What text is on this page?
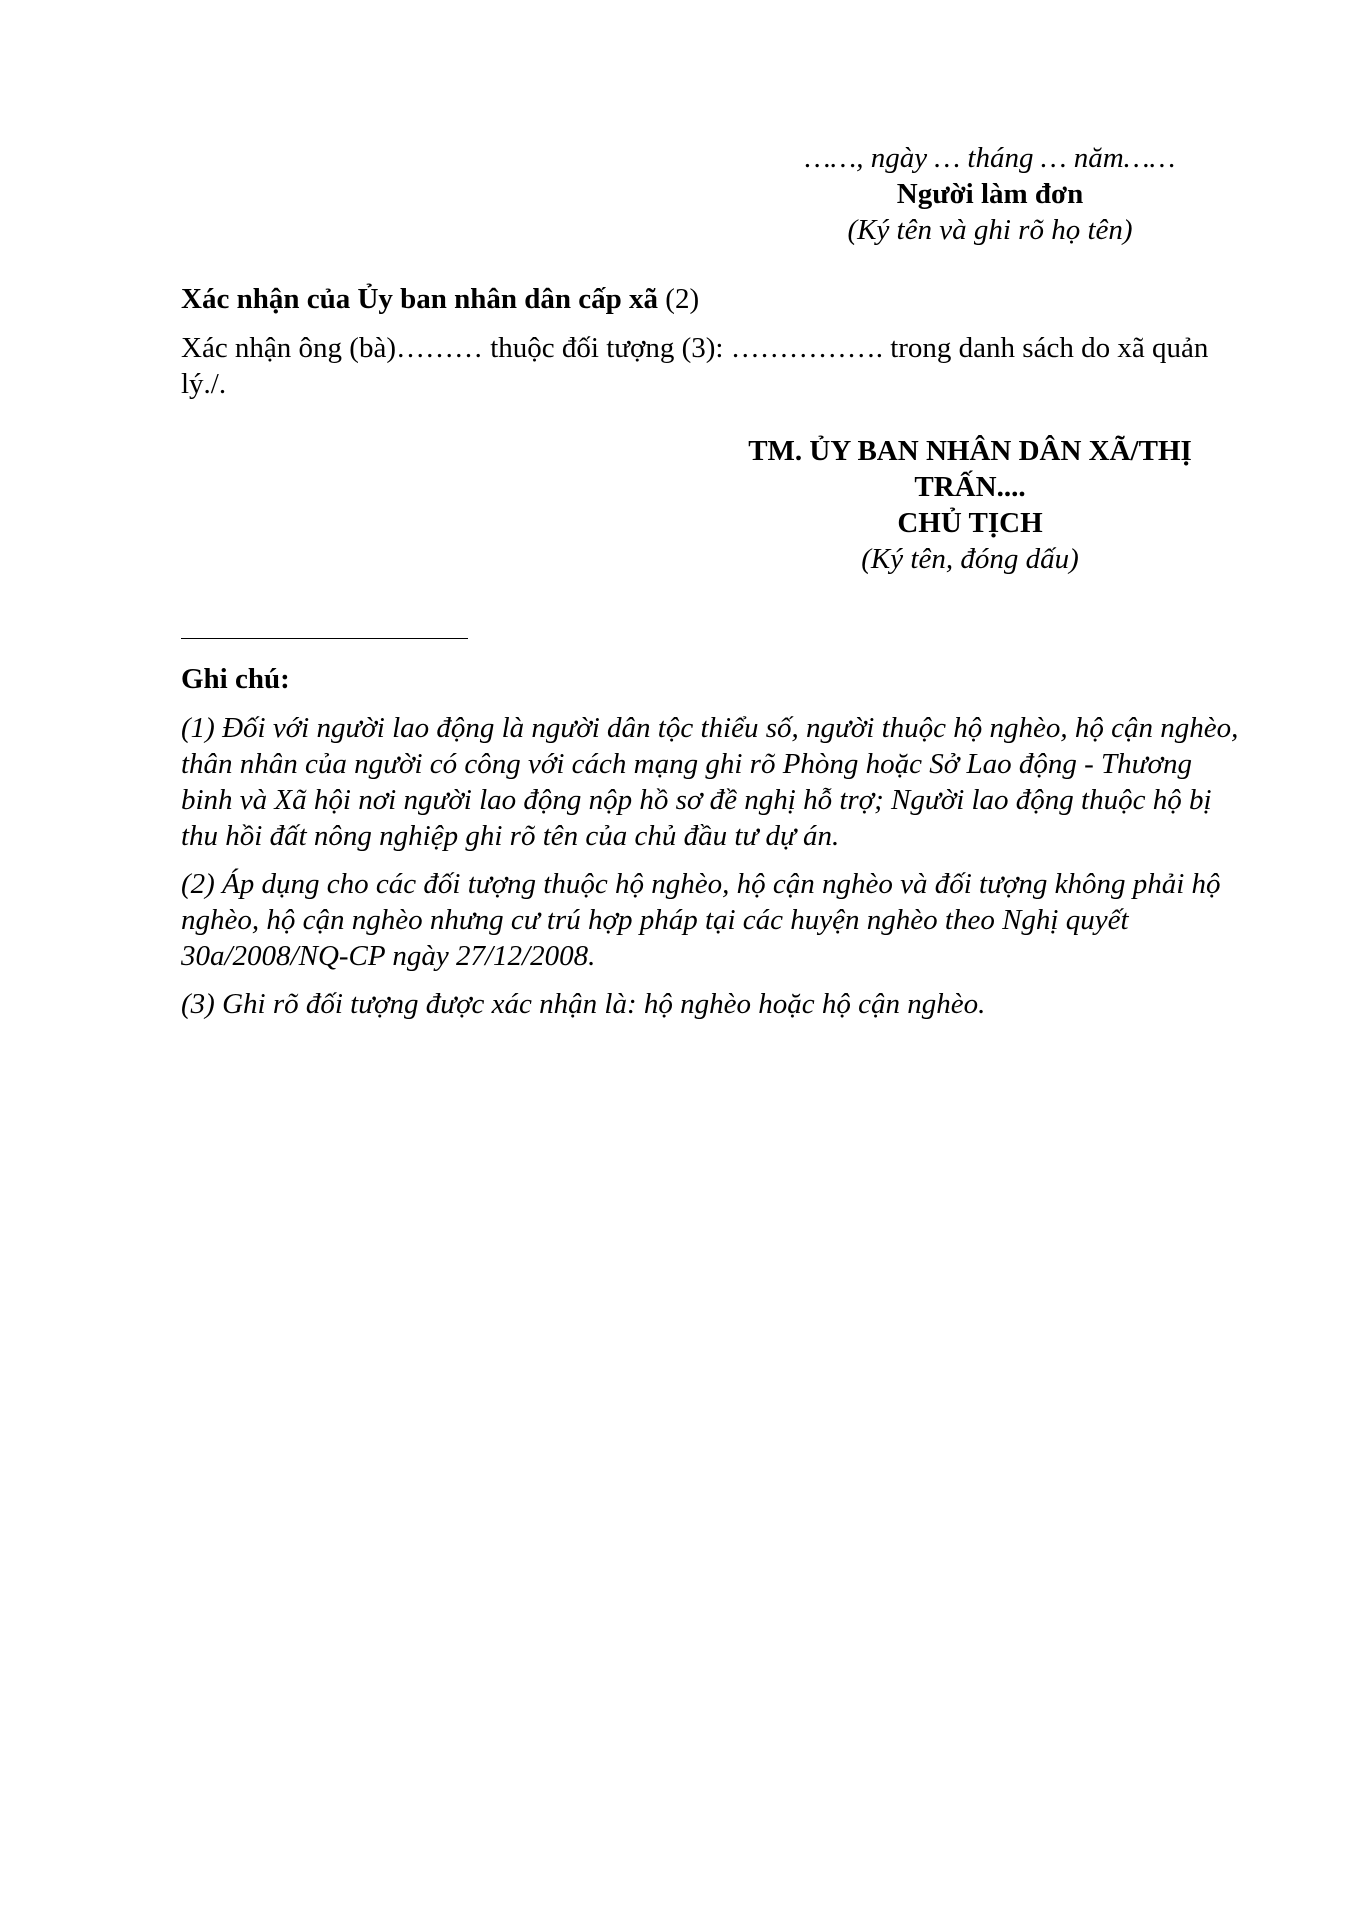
……, ngày … tháng … năm……
Người làm đơn
(Ký tên và ghi rõ họ tên)
Xác nhận của Ủy ban nhân dân cấp xã (2)
Xác nhận ông (bà)……… thuộc đối tượng (3): ……………. trong danh sách do xã quản lý./.
TM. ỦY BAN NHÂN DÂN XÃ/THỊ
TRẤN....
CHỦ TỊCH
(Ký tên, đóng dấu)
Ghi chú:

(1) Đối với người lao động là người dân tộc thiểu số, người thuộc hộ nghèo, hộ cận nghèo, thân nhân của người có công với cách mạng ghi rõ Phòng hoặc Sở Lao động - Thương binh và Xã hội nơi người lao động nộp hồ sơ đề nghị hỗ trợ; Người lao động thuộc hộ bị thu hồi đất nông nghiệp ghi rõ tên của chủ đầu tư dự án.

(2) Áp dụng cho các đối tượng thuộc hộ nghèo, hộ cận nghèo và đối tượng không phải hộ nghèo, hộ cận nghèo nhưng cư trú hợp pháp tại các huyện nghèo theo Nghị quyết 30a/2008/NQ-CP ngày 27/12/2008.

(3) Ghi rõ đối tượng được xác nhận là: hộ nghèo hoặc hộ cận nghèo.
